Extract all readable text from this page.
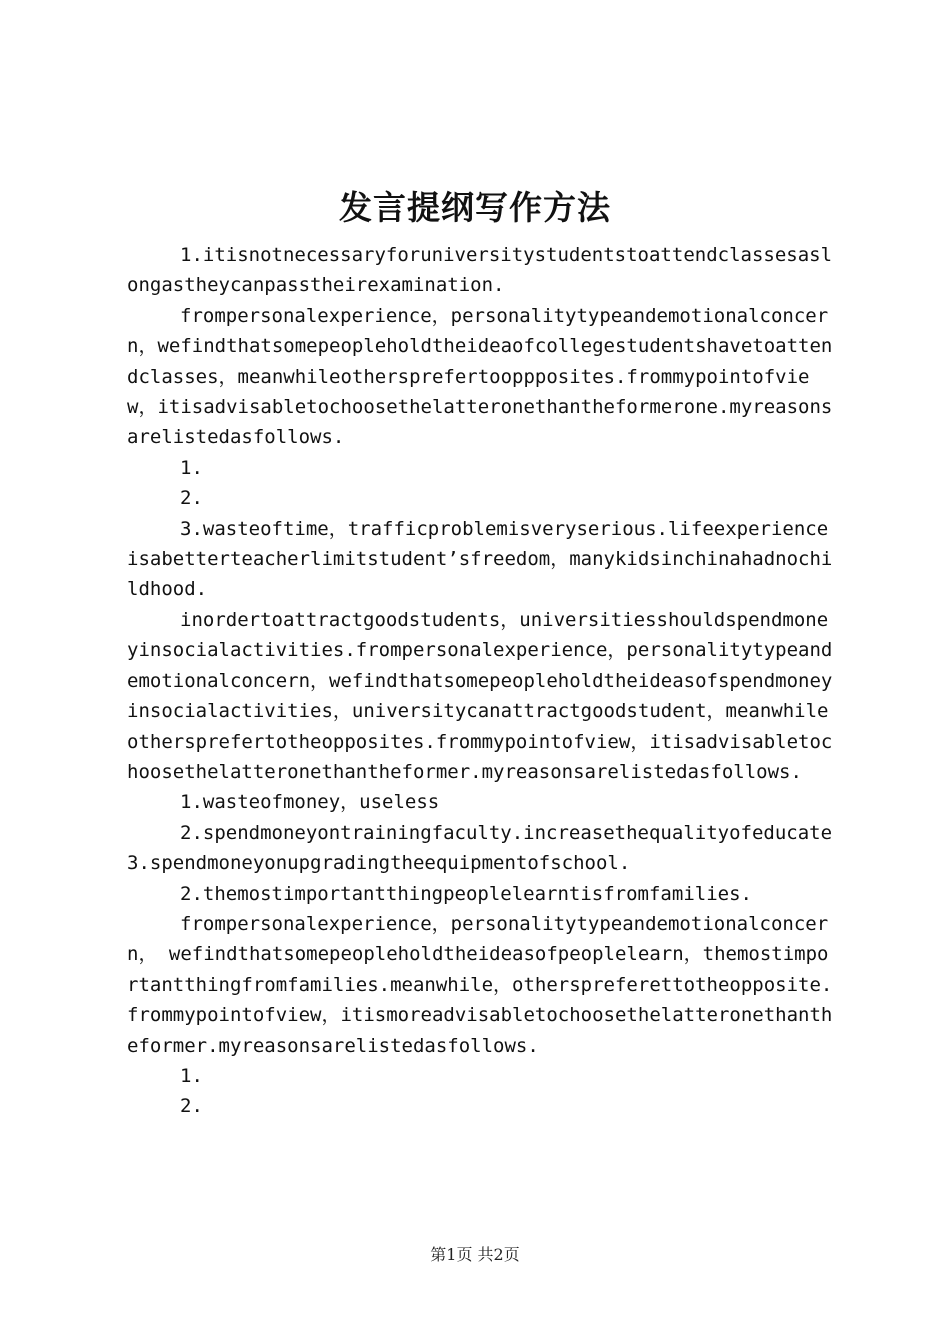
发言提纲写作方法

1.itisnotnecessaryforuniversitystudentstoattendclassesaslongastheycanpasstheirexamination.

frompersonalexperience，personalitytypeandemotionalconcern，wefindthatsomepeopleholdtheideaofcollegestudentshavetoattendclasses，meanwhileothersprefertooppposites.frommypointofview，itisadvisabletochoosethelatteronethantheformerone.myreasonsarelistedasfollows.

1.

2.

3.wasteoftime，trafficproblemisveryserious.lifeexperienceisabetterteacherlimitstudent’sfreedom，manykidsinchinahadnochildhood.

inordertoattractgoodstudents，universitiesshouldspendmoneyinsocialactivities.frompersonalexperience，personalitytypeandemotionalconcern，wefindthatsomepeopleholdtheideasofspendmoneyinsocialactivities，universitycanattractgoodstudent，meanwhileothersprefertotheopposites.frommypointofview，itisadvisabletochoosethelatteronethantheformer.myreasonsarelistedasfollows.

1.wasteofmoney，useless

2.spendmoneyontrainingfaculty.increasethequalityofeducate3.spendmoneyonupgradingtheequipmentofschool.

2.themostimportantthingpeoplelearntisfromfamilies.

frompersonalexperience，personalitytypeandemotionalconcern， wefindthatsomepeopleholdtheideasofpeoplelearn，themostimportantthingfromfamilies.meanwhile，otherspreferettotheopposite.frommypointofview，itismoreadvisabletochoosethelatteronethantheformer.myreasonsarelistedasfollows.

1.

2.

第1页 共2页
